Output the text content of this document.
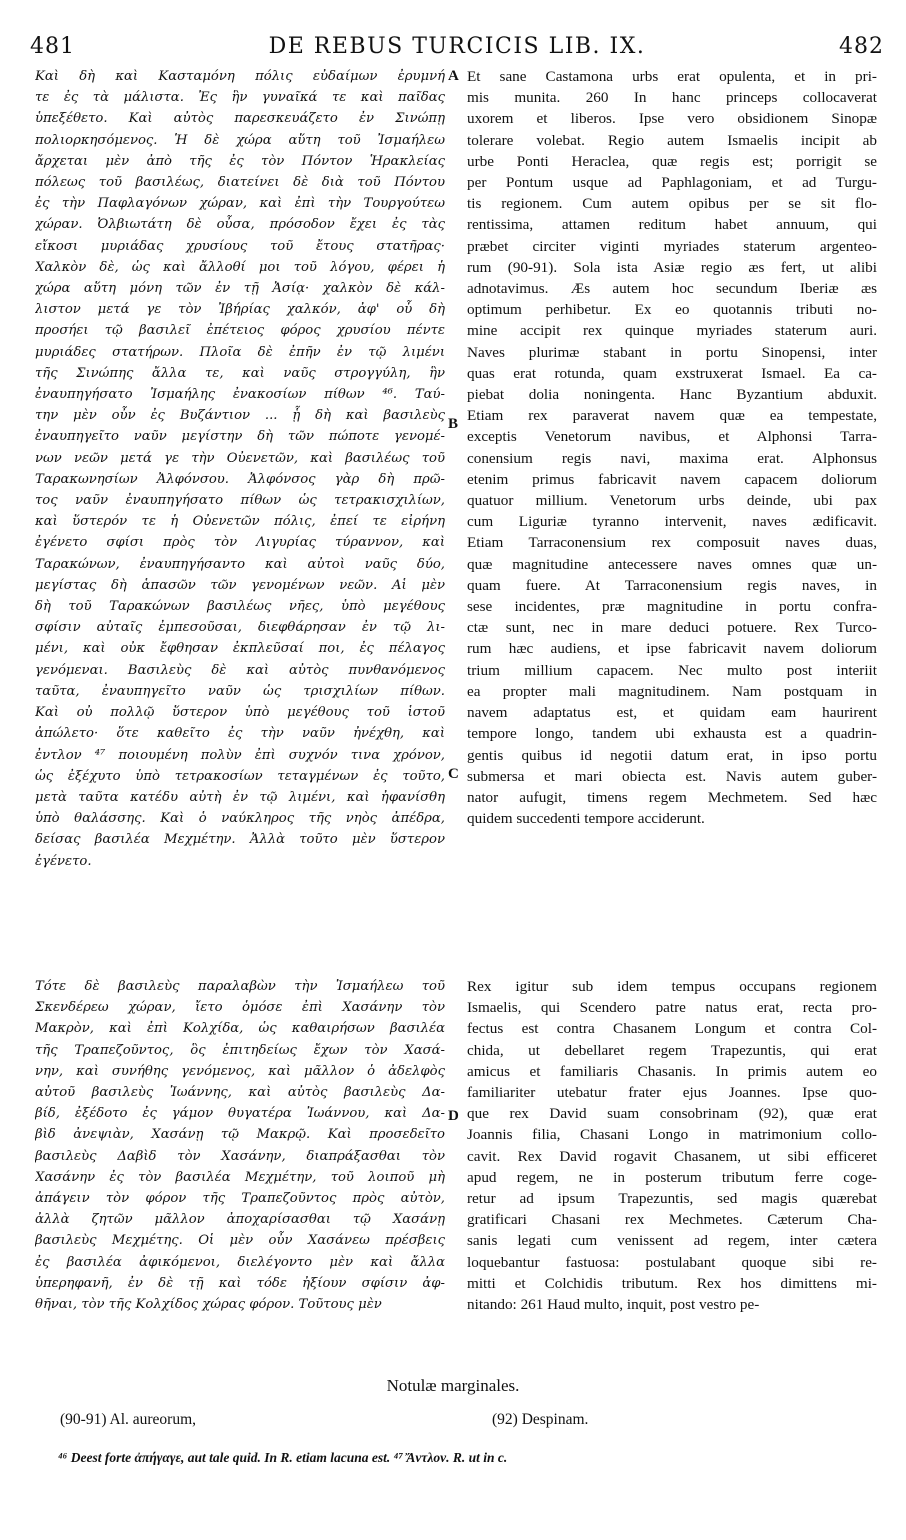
481	DE REBUS TURCICIS LIB. IX.	482
Καὶ δὴ καὶ Κασταμόνη πόλις εὐδαίμων ἐρυμνή
τε ἐς τὰ μάλιστα. Ἐς ἣν γυναῖκά τε καὶ παῖδας
ὑπεξέθετο. Καὶ αὐτὸς παρεσκευάζετο ἐν Σινώπῃ
πολιορκησόμενος. Ἡ δὲ χώρα αὕτη τοῦ Ἰσμαήλεω
ἄρχεται μὲν ἀπὸ τῆς ἐς τὸν Πόντον Ἡρακλείας
πόλεως τοῦ βασιλέως, διατείνει δὲ διὰ τοῦ Πόντου
ἐς τὴν Παφλαγόνων χώραν, καὶ ἐπὶ τὴν Τουργούτεω
χώραν. Ὀλβιωτάτη δὲ οὖσα, πρόσοδον ἔχει ἐς τὰς
εἴκοσι μυριάδας χρυσίους τοῦ ἔτους στατῆρας·
Χαλκὸν δὲ, ὡς καὶ ἄλλοθί μοι τοῦ λόγου, φέρει ἡ
χώρα αὕτη μόνη τῶν ἐν τῇ Ἀσίᾳ· χαλκὸν δὲ κάλ-
λιστον μετά γε τὸν Ἰβήρίας χαλκόν, ἀφ' οὗ δὴ
προσήει τῷ βασιλεῖ ἐπέτειος φόρος χρυσίου πέντε
μυριάδες στατήρων. Πλοῖα δὲ ἐπῆν ἐν τῷ λιμένι
τῆς Σινώπης ἄλλα τε, καὶ ναῦς στρογγύλη, ἣν
ἐναυπηγήσατο Ἰσμαήλης ἐνακοσίων πίθων ⁴⁶. Ταύ-
την μὲν οὖν ἐς Βυζάντιον ... ᾗ δὴ καὶ βασιλεὺς
ἐναυπηγεῖτο ναῦν μεγίστην δὴ τῶν πώποτε γενομέ-
νων νεῶν μετά γε τὴν Οὐενετῶν, καὶ βασιλέως τοῦ
Ταρακωνησίων Ἀλφόνσου. Ἀλφόνσος γὰρ δὴ πρῶ-
τος ναῦν ἐναυπηγήσατο πίθων ὡς τετρακισχιλίων,
καὶ ὕστερόν τε ἡ Οὐενετῶν πόλις, ἐπεί τε εἰρήνη
ἐγένετο σφίσι πρὸς τὸν Λιγυρίας τύραννον, καὶ
Ταρακώνων, ἐναυπηγήσαντο καὶ αὐτοὶ ναῦς δύο,
μεγίστας δὴ ἁπασῶν τῶν γενομένων νεῶν. Αἱ μὲν
δὴ τοῦ Ταρακώνων βασιλέως νῆες, ὑπὸ μεγέθους
σφίσιν αὐταῖς ἐμπεσοῦσαι, διεφθάρησαν ἐν τῷ λι-
μένι, καὶ οὐκ ἔφθησαν ἐκπλεῦσαί ποι, ἐς πέλαγος
γενόμεναι. Βασιλεὺς δὲ καὶ αὐτὸς πυνθανόμενος
ταῦτα, ἐναυπηγεῖτο ναῦν ὡς τρισχιλίων πίθων.
Καὶ οὐ πολλῷ ὕστερον ὑπὸ μεγέθους τοῦ ἱστοῦ
ἀπώλετο· ὅτε καθεῖτο ἐς τὴν ναῦν ἠνέχθη, καὶ
ἐντλον ⁴⁷ ποιουμένη πολὺν ἐπὶ συχνόν τινα χρόνον,
ὡς ἐξέχυτο ὑπὸ τετρακοσίων τεταγμένων ἐς τοῦτο,
μετὰ ταῦτα κατέδυ αὐτὴ ἐν τῷ λιμένι, καὶ ἠφανίσθη
ὑπὸ θαλάσσης. Καὶ ὁ ναύκληρος τῆς νηὸς ἀπέδρα,
δείσας βασιλέα Μεχμέτην. Ἀλλὰ τοῦτο μὲν ὕστερον
ἐγένετο.
Et sane Castamona urbs erat opulenta, et in pri-
mis munita. 260 In hanc princeps collocaverat
uxorem et liberos. Ipse vero obsidionem Sinopæ
tolerare volebat. Regio autem Ismaelis incipit ab
urbe Ponti Heraclea, quæ regis est; porrigit se
per Pontum usque ad Paphlagoniam, et ad Turgu-
tis regionem. Cum autem opibus per se sit flo-
rentissima, attamen reditum habet annuum, qui
præbet circiter viginti myriades staterum argenteo-
rum (90-91). Sola ista Asiæ regio æs fert, ut alibi
adnotavimus. Æs autem hoc secundum Iberiæ æs
optimum perhibetur. Ex eo quotannis tributi no-
mine accipit rex quinque myriades staterum auri.
Naves plurimæ stabant in portu Sinopensi, inter
quas erat rotunda, quam exstruxerat Ismael. Ea ca-
piebat dolia noningenta. Hanc Byzantium abduxit.
Etiam rex paraverat navem quæ ea tempestate,
exceptis Venetorum navibus, et Alphonsi Tarra-
conensium regis navi, maxima erat. Alphonsus
etenim primus fabricavit navem capacem doliorum
quatuor millium. Venetorum urbs deinde, ubi pax
cum Liguriæ tyranno intervenit, naves ædificavit.
Etiam Tarraconensium rex composuit naves duas,
quæ magnitudine antecessere naves omnes quæ un-
quam fuere. At Tarraconensium regis naves, in
sese incidentes, præ magnitudine in portu confra-
ctæ sunt, nec in mare deduci potuere. Rex Turco-
rum hæc audiens, et ipse fabricavit navem doliorum
trium millium capacem. Nec multo post interiit
ea propter mali magnitudinem. Nam postquam in
navem adaptatus est, et quidam eam haurirent
tempore longo, tandem ubi exhausta est a quadrin-
gentis quibus id negotii datum erat, in ipso portu
submersa et mari obiecta est. Navis autem guber-
nator aufugit, timens regem Mechmetem. Sed hæc
quidem succedenti tempore acciderunt.
A
B
C
D
Τότε δὲ βασιλεὺς παραλαβὼν τὴν Ἰσμαήλεω τοῦ
Σκενδέρεω χώραν, ἴετο ὁμόσε ἐπὶ Χασάνην τὸν
Μακρὸν, καὶ ἐπὶ Κολχίδα, ὡς καθαιρήσων βασιλέα
τῆς Τραπεζοῦντος, ὃς ἐπιτηδείως ἔχων τὸν Χασά-
νην, καὶ συνήθης γενόμενος, καὶ μᾶλλον ὁ ἀδελφὸς
αὐτοῦ βασιλεὺς Ἰωάννης, καὶ αὐτὸς βασιλεὺς Δα-
βίδ, ἐξέδοτο ἐς γάμον θυγατέρα Ἰωάννου, καὶ Δα-
βὶδ ἀνεψιὰν, Χασάνῃ τῷ Μακρῷ. Καὶ προσεδεῖτο
βασιλεὺς Δαβὶδ τὸν Χασάνην, διαπράξασθαι τὸν
Χασάνην ἐς τὸν βασιλέα Μεχμέτην, τοῦ λοιποῦ μὴ
ἀπάγειν τὸν φόρον τῆς Τραπεζοῦντος πρὸς αὐτὸν,
ἀλλὰ ζητῶν μᾶλλον ἀποχαρίσασθαι τῷ Χασάνῃ
βασιλεὺς Μεχμέτης. Οἱ μὲν οὖν Χασάνεω πρέσβεις
ἐς βασιλέα ἀφικόμενοι, διελέγοντο μὲν καὶ ἄλλα
ὑπερηφανῆ, ἐν δὲ τῇ καὶ τόδε ἠξίουν σφίσιν ἀφ-
θῆναι, τὸν τῆς Κολχίδος χώρας φόρον. Τοῦτους μὲν
Rex igitur sub idem tempus occupans regionem
Ismaelis, qui Scendero patre natus erat, recta pro-
fectus est contra Chasanem Longum et contra Col-
chida, ut debellaret regem Trapezuntis, qui erat
amicus et familiaris Chasanis. In primis autem eo
familiariter utebatur frater ejus Joannes. Ipse quo-
que rex David suam consobrinam (92), quæ erat
Joannis filia, Chasani Longo in matrimonium collo-
cavit. Rex David rogavit Chasanem, ut sibi efficeret
apud regem, ne in posterum tributum ferre coge-
retur ad ipsum Trapezuntis, sed magis quærebat
gratificari Chasani rex Mechmetes. Cæterum Cha-
sanis legati cum venissent ad regem, inter cætera
loquebantur fastuosa: postulabant quoque sibi re-
mitti et Colchidis tributum. Rex hos dimittens mi-
nitando: 261 Haud multo, inquit, post vestro pe-
Notulæ marginales.
(90-91) Al. aureorum,	(92) Despinam.
⁴⁶ Deest forte ἀπήγαγε, aut tale quid. In R. etiam lacuna est. ⁴⁷ Ἄντλον. R. ut in c.
